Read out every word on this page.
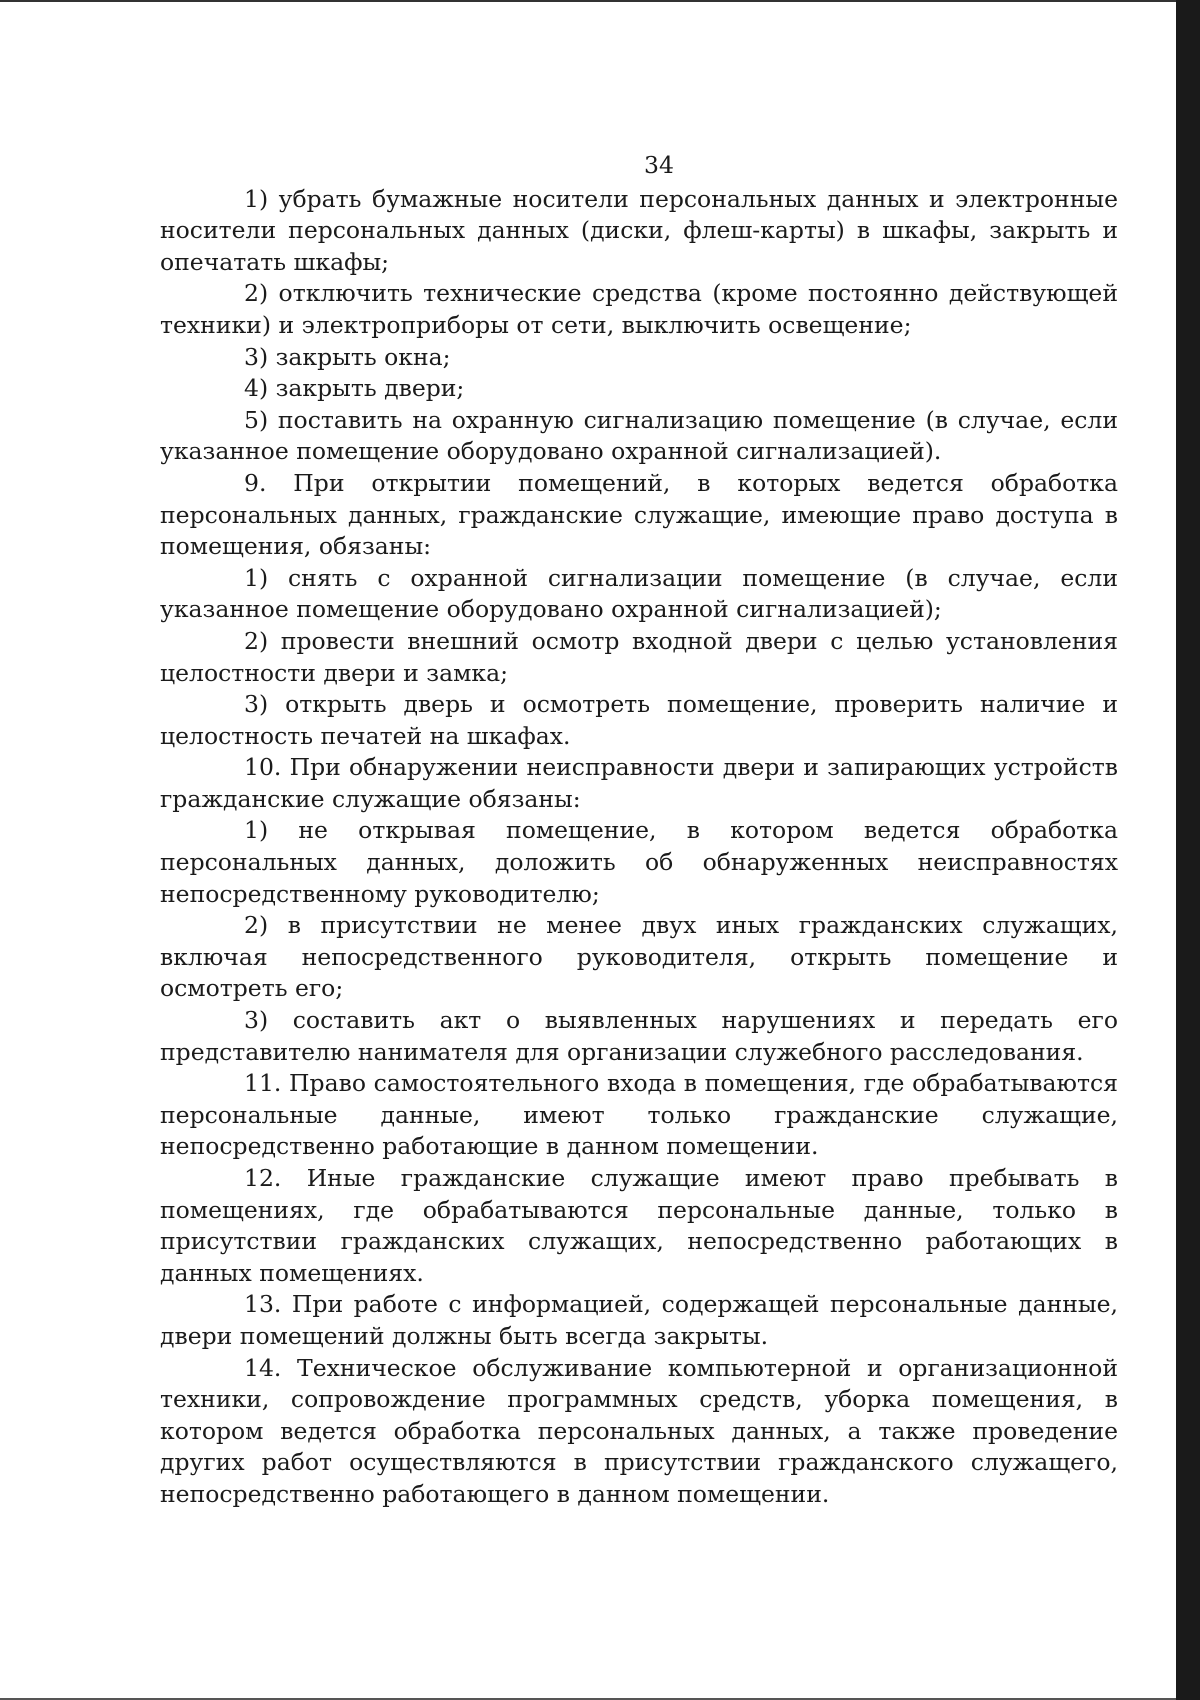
34

1) убрать бумажные носители персональных данных и электронные носители персональных данных (диски, флеш-карты) в шкафы, закрыть и опечатать шкафы;

2) отключить технические средства (кроме постоянно действующей техники) и электроприборы от сети, выключить освещение;

3) закрыть окна;

4) закрыть двери;

5) поставить на охранную сигнализацию помещение (в случае, если указанное помещение оборудовано охранной сигнализацией).

9. При открытии помещений, в которых ведется обработка персональных данных, гражданские служащие, имеющие право доступа в помещения, обязаны:

1) снять с охранной сигнализации помещение (в случае, если указанное помещение оборудовано охранной сигнализацией);

2) провести внешний осмотр входной двери с целью установления целостности двери и замка;

3) открыть дверь и осмотреть помещение, проверить наличие и целостность печатей на шкафах.

10. При обнаружении неисправности двери и запирающих устройств гражданские служащие обязаны:

1) не открывая помещение, в котором ведется обработка персональных данных, доложить об обнаруженных неисправностях непосредственному руководителю;

2) в присутствии не менее двух иных гражданских служащих, включая непосредственного руководителя, открыть помещение и осмотреть его;

3) составить акт о выявленных нарушениях и передать его представителю нанимателя для организации служебного расследования.

11. Право самостоятельного входа в помещения, где обрабатываются персональные данные, имеют только гражданские служащие, непосредственно работающие в данном помещении.

12. Иные гражданские служащие имеют право пребывать в помещениях, где обрабатываются персональные данные, только в присутствии гражданских служащих, непосредственно работающих в данных помещениях.

13. При работе с информацией, содержащей персональные данные, двери помещений должны быть всегда закрыты.

14. Техническое обслуживание компьютерной и организационной техники, сопровождение программных средств, уборка помещения, в котором ведется обработка персональных данных, а также проведение других работ осуществляются в присутствии гражданского служащего, непосредственно работающего в данном помещении.
